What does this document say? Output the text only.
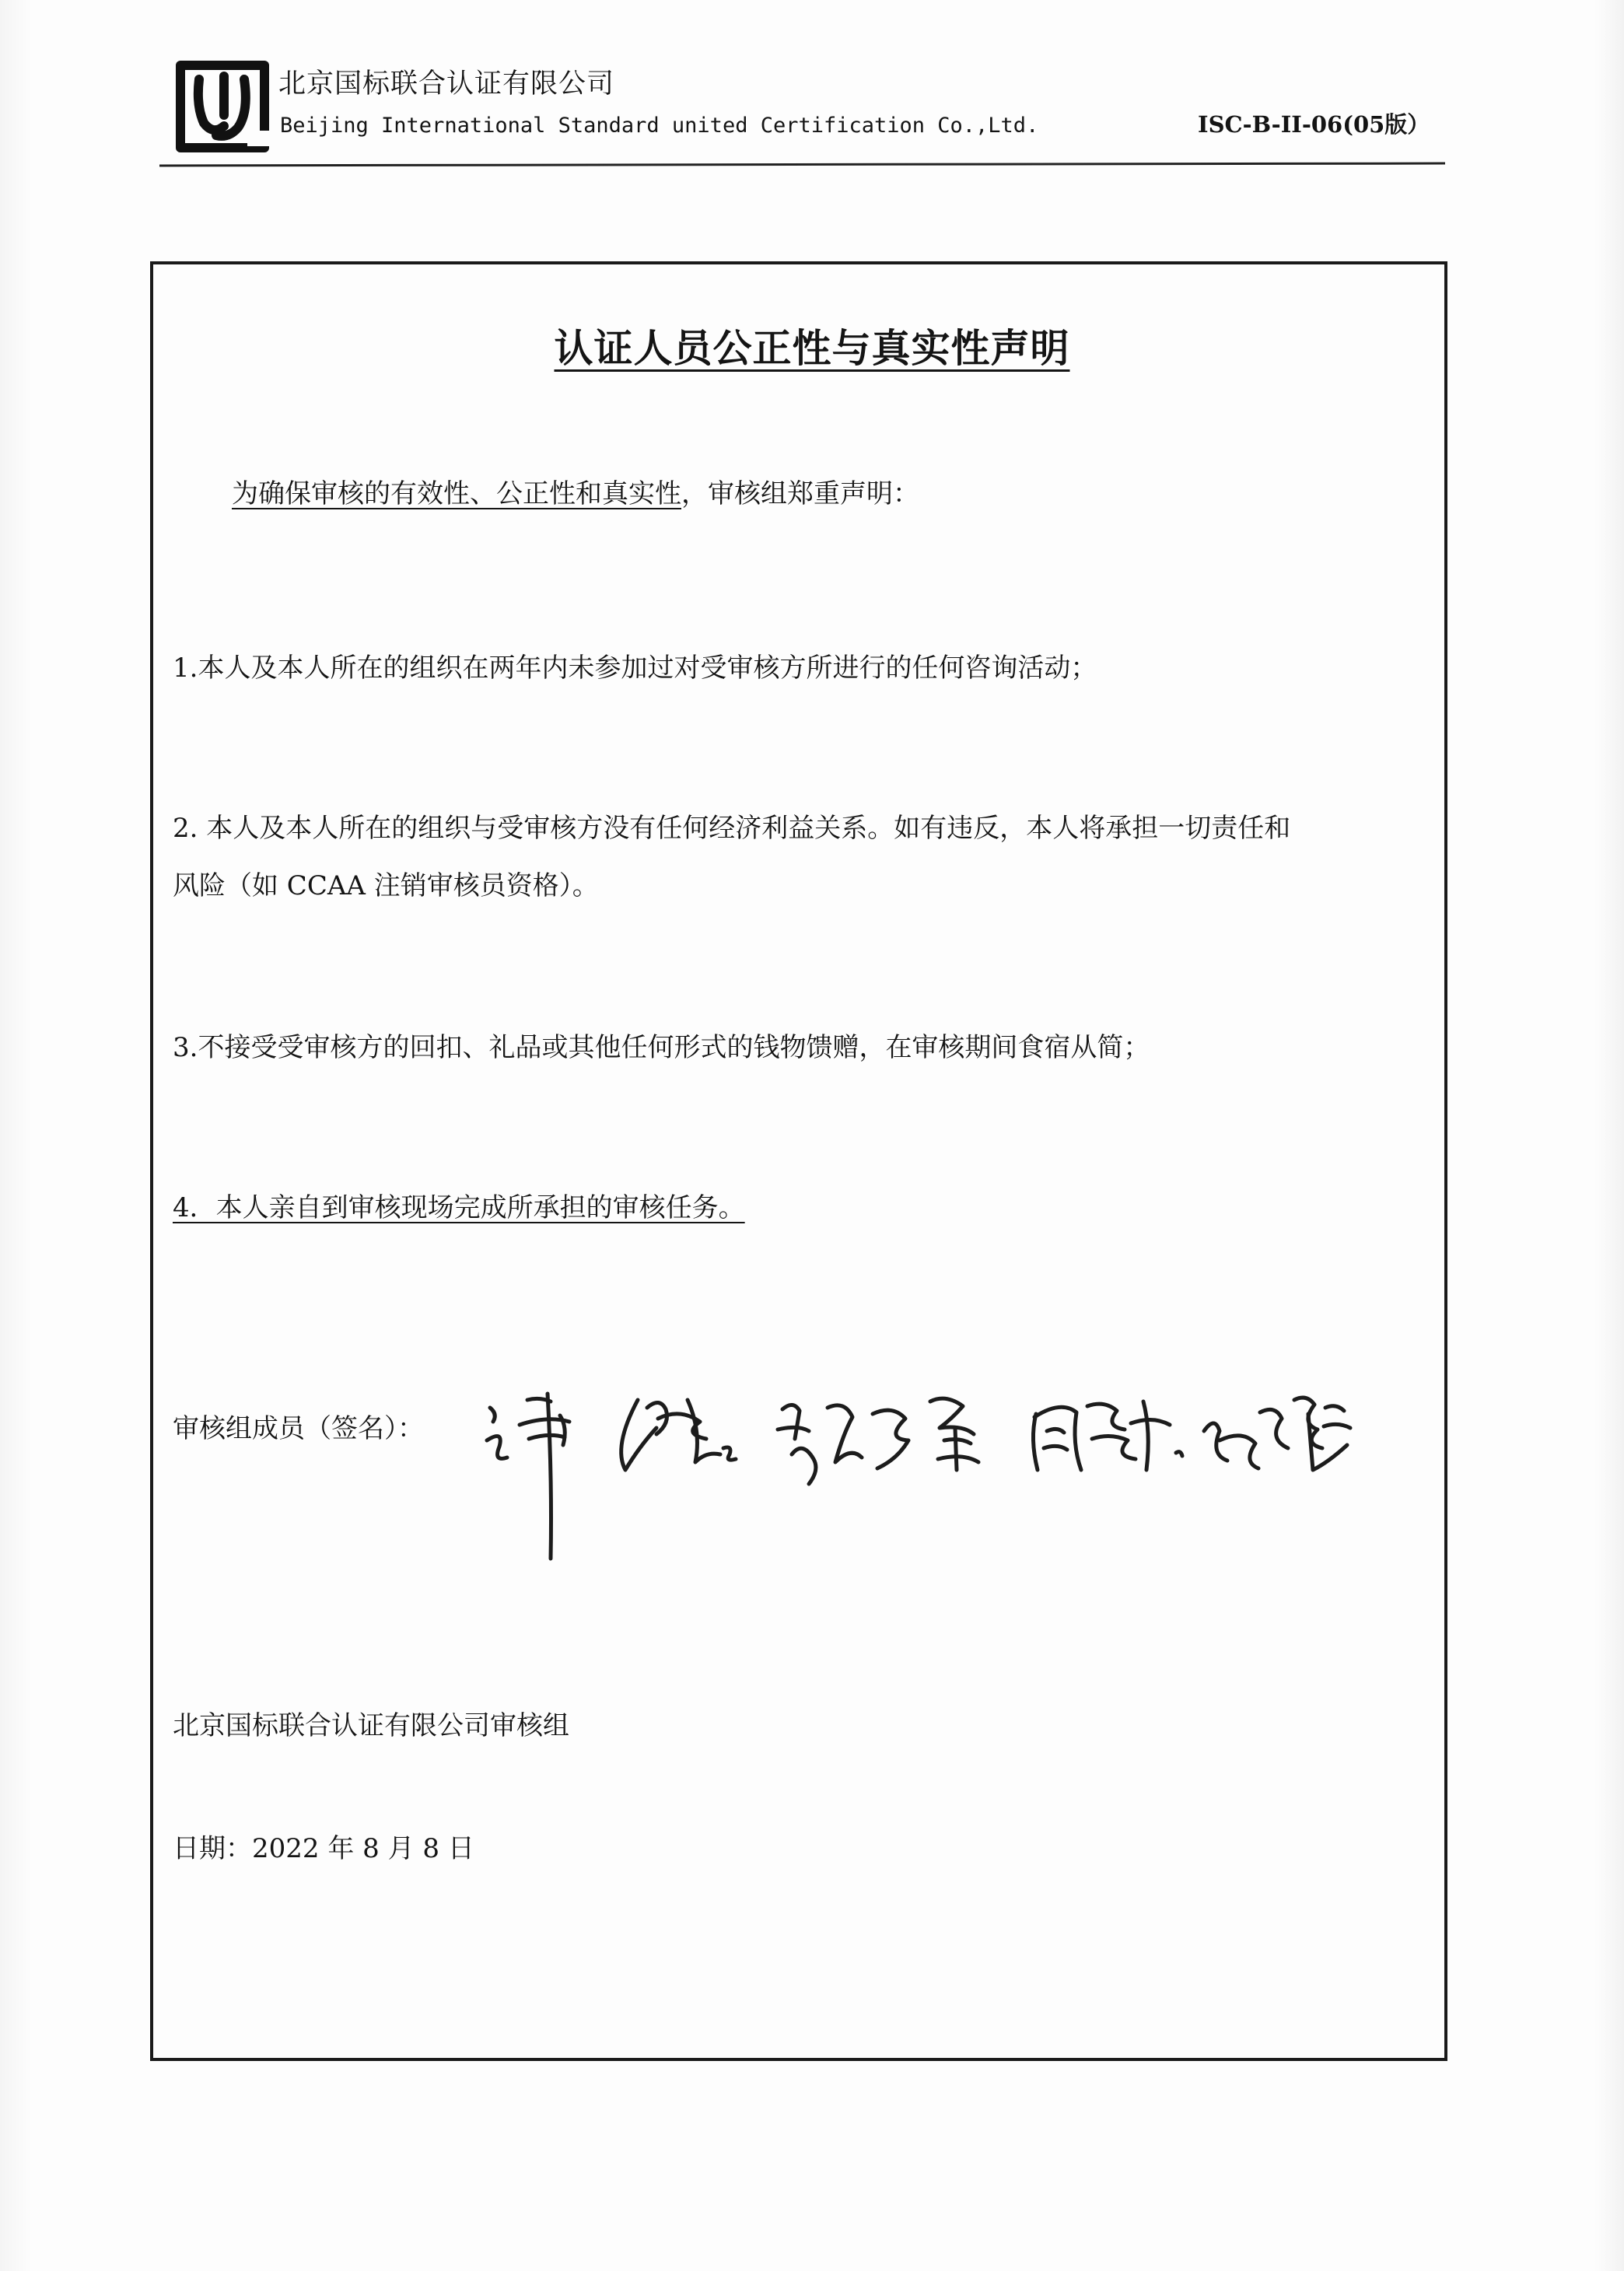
北京国标联合认证有限公司
Beijing International Standard united Certification Co.,Ltd.	ISC-B-II-06(05版）
认证人员公正性与真实性声明
为确保审核的有效性、公正性和真实性，审核组郑重声明：
1.本人及本人所在的组织在两年内未参加过对受审核方所进行的任何咨询活动；
2. 本人及本人所在的组织与受审核方没有任何经济利益关系。如有违反，本人将承担一切责任和
风险（如 CCAA 注销审核员资格）。
3.不接受受审核方的回扣、礼品或其他任何形式的钱物馈赠，在审核期间食宿从简；
4．本人亲自到审核现场完成所承担的审核任务。
审核组成员（签名）：
北京国标联合认证有限公司审核组
日期：2022 年 8 月 8 日
